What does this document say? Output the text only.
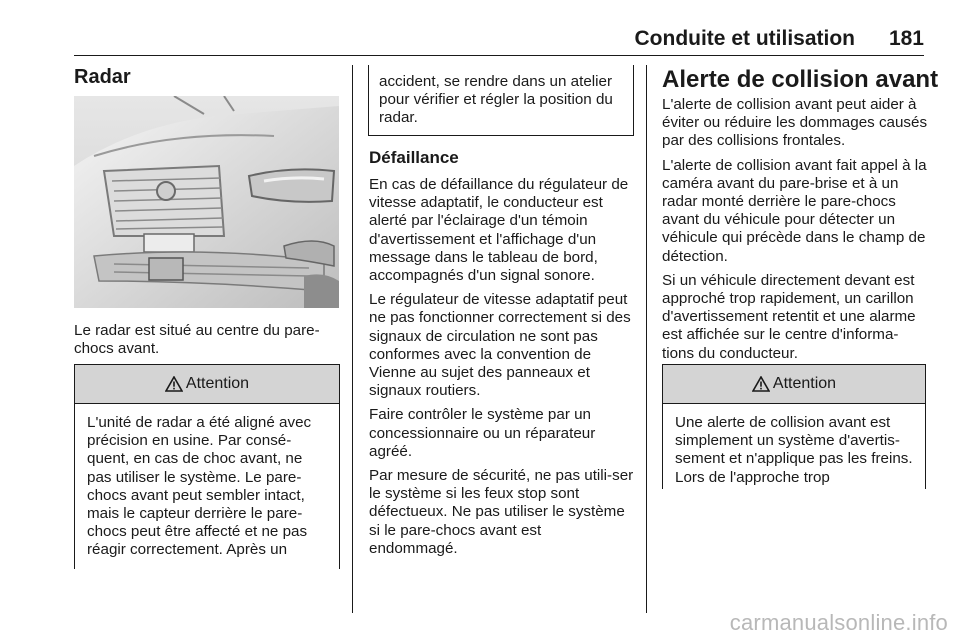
Conduite et utilisation 181
Radar

Le radar est situé au centre du pare-chocs avant.

Attention

L'unité de radar a été aligné avec précision en usine. Par consé-quent, en cas de choc avant, ne pas utiliser le système. Le pare-chocs avant peut sembler intact, mais le capteur derrière le pare-chocs peut être affecté et ne pas réagir correctement. Après un

accident, se rendre dans un atelier pour vérifier et régler la position du radar.

Défaillance

En cas de défaillance du régulateur de vitesse adaptatif, le conducteur est alerté par l'éclairage d'un témoin d'avertissement et l'affichage d'un message dans le tableau de bord, accompagnés d'un signal sonore.

Le régulateur de vitesse adaptatif peut ne pas fonctionner correctement si des signaux de circulation ne sont pas conformes avec la convention de Vienne au sujet des panneaux et signaux routiers.

Faire contrôler le système par un concessionnaire ou un réparateur agréé.

Par mesure de sécurité, ne pas utili-ser le système si les feux stop sont défectueux. Ne pas utiliser le système si le pare-chocs avant est endommagé.

Alerte de collision avant

L'alerte de collision avant peut aider à éviter ou réduire les dommages causés par des collisions frontales.

L'alerte de collision avant fait appel à la caméra avant du pare-brise et à un radar monté derrière le pare-chocs avant du véhicule pour détecter un véhicule qui précède dans le champ de détection.

Si un véhicule directement devant est approché trop rapidement, un carillon d'avertissement retentit et une alarme est affichée sur le centre d'informa-tions du conducteur.

Attention

Une alerte de collision avant est simplement un système d'avertis-sement et n'applique pas les freins. Lors de l'approche trop

carmanualsonline.info
